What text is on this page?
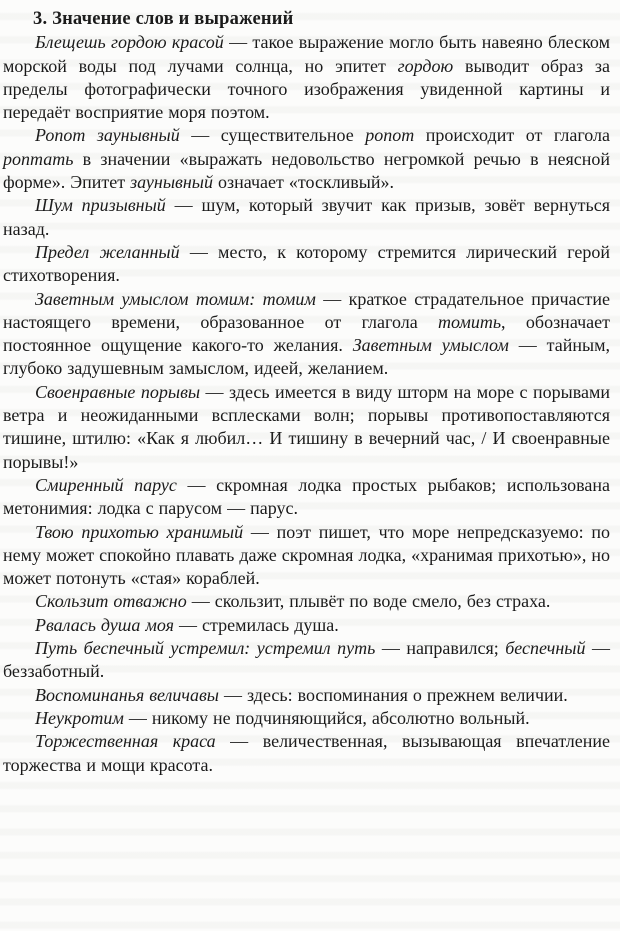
3. Значение слов и выражений

Блещешь гордою красой — такое выражение могло быть навеяно блеском морской воды под лучами солнца, но эпитет гордою выводит образ за пределы фотографически точного изображения увиденной картины и передаёт восприятие моря поэтом.

Ропот заунывный — существительное ропот происходит от глагола роптать в значении «выражать недовольство негромкой речью в неясной форме». Эпитет заунывный означает «тоскливый».

Шум призывный — шум, который звучит как призыв, зовёт вернуться назад.

Предел желанный — место, к которому стремится лирический герой стихотворения.

Заветным умыслом томим: томим — краткое страдательное причастие настоящего времени, образованное от глагола томить, обозначает постоянное ощущение какого-то желания. Заветным умыслом — тайным, глубоко задушевным замыслом, идеей, желанием.

Своенравные порывы — здесь имеется в виду шторм на море с порывами ветра и неожиданными всплесками волн; порывы противопоставляются тишине, штилю: «Как я любил… И тишину в вечерний час, / И своенравные порывы!»

Смиренный парус — скромная лодка простых рыбаков; использована метонимия: лодка с парусом — парус.

Твою прихотью хранимый — поэт пишет, что море непредсказуемо: по нему может спокойно плавать даже скромная лодка, «хранимая прихотью», но может потонуть «стая» кораблей.

Скользит отважно — скользит, плывёт по воде смело, без страха.

Рвалась душа моя — стремилась душа.

Путь беспечный устремил: устремил путь — направился; беспечный — беззаботный.

Воспоминанья величавы — здесь: воспоминания о прежнем величии.

Неукротим — никому не подчиняющийся, абсолютно вольный.

Торжественная краса — величественная, вызывающая впечатление торжества и мощи красота.
